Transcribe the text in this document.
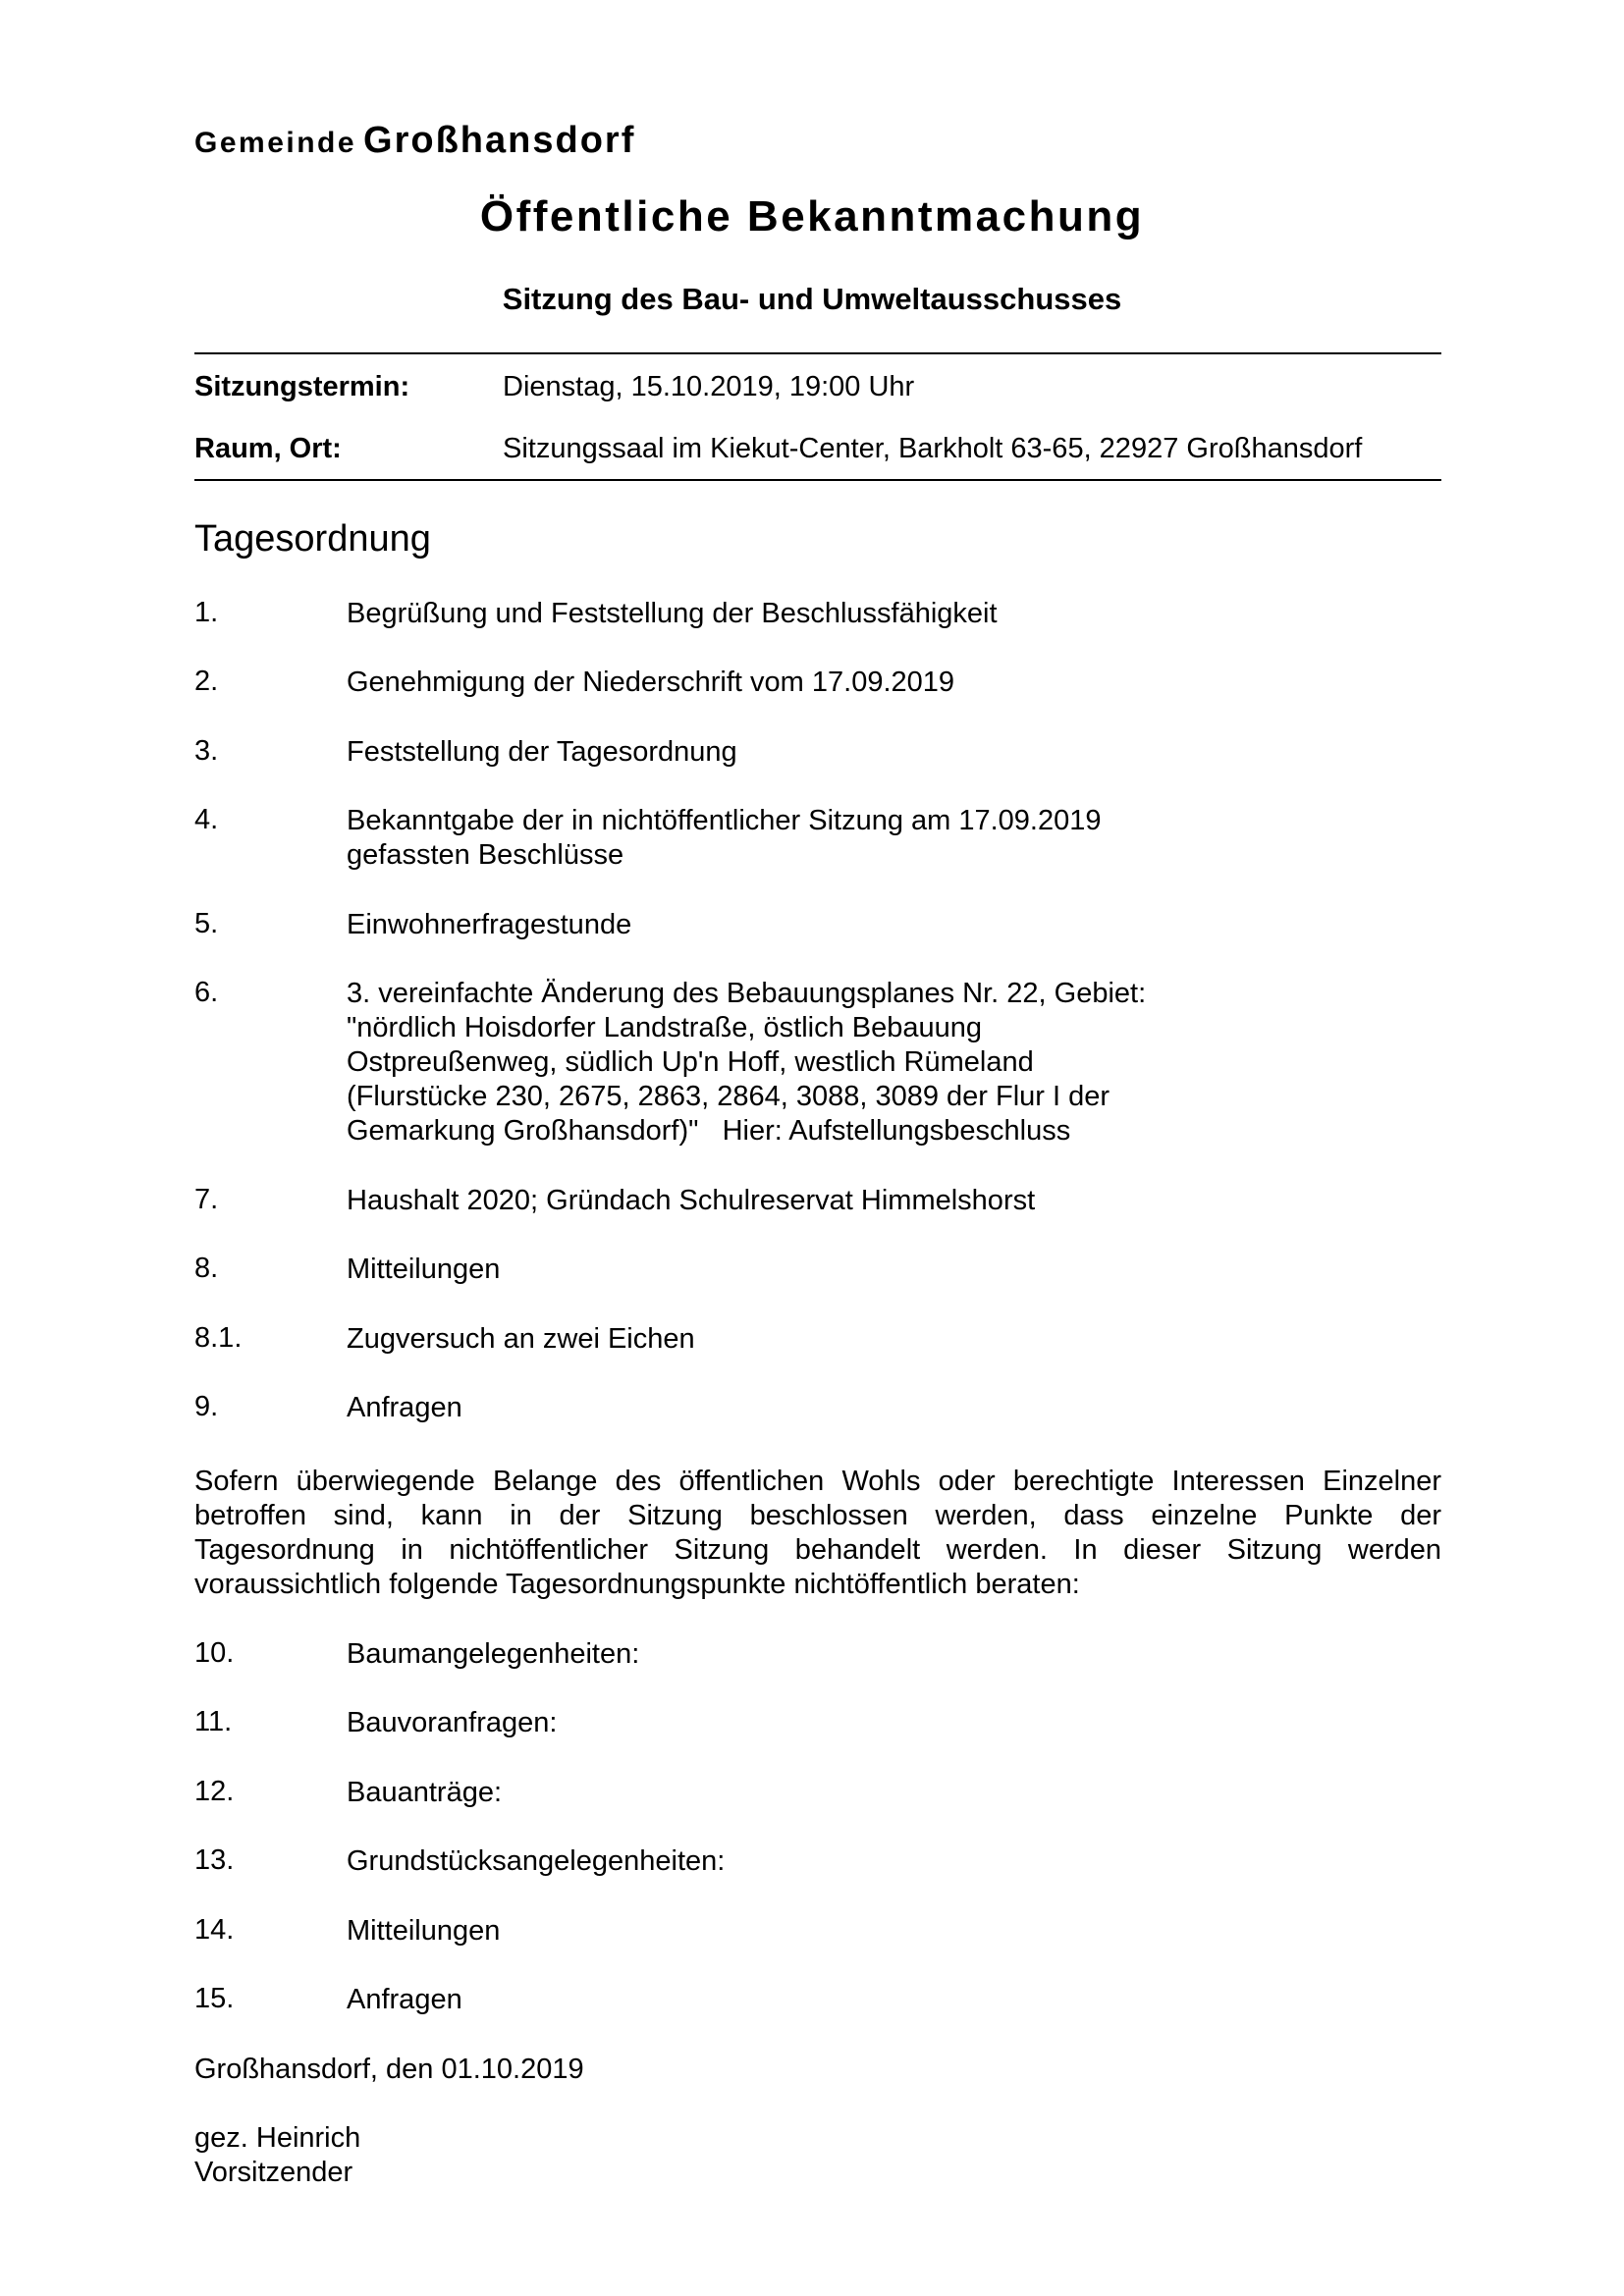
Gemeinde Großhansdorf
Öffentliche Bekanntmachung
Sitzung des Bau- und Umweltausschusses
Sitzungstermin:	Dienstag, 15.10.2019, 19:00 Uhr
Raum, Ort:	Sitzungssaal im Kiekut-Center, Barkholt 63-65, 22927 Großhansdorf
Tagesordnung
1.	Begrüßung und Feststellung der Beschlussfähigkeit
2.	Genehmigung der Niederschrift vom 17.09.2019
3.	Feststellung der Tagesordnung
4.	Bekanntgabe der in nichtöffentlicher Sitzung am 17.09.2019
gefassten Beschlüsse
5.	Einwohnerfragestunde
6.	3. vereinfachte Änderung des Bebauungsplanes Nr. 22, Gebiet:
"nördlich Hoisdorfer Landstraße, östlich Bebauung
Ostpreußenweg, südlich Up'n Hoff, westlich Rümeland
(Flurstücke 230, 2675, 2863, 2864, 3088, 3089 der Flur I der
Gemarkung Großhansdorf)"   Hier: Aufstellungsbeschluss
7.	Haushalt 2020; Gründach Schulreservat Himmelshorst
8.	Mitteilungen
8.1.	Zugversuch an zwei Eichen
9.	Anfragen
Sofern überwiegende Belange des öffentlichen Wohls oder berechtigte Interessen Einzelner
betroffen sind, kann in der Sitzung beschlossen werden, dass einzelne Punkte der
Tagesordnung in nichtöffentlicher Sitzung behandelt werden. In dieser Sitzung werden
voraussichtlich folgende Tagesordnungspunkte nichtöffentlich beraten:
10.	Baumangelegenheiten:
11.	Bauvoranfragen:
12.	Bauanträge:
13.	Grundstücksangelegenheiten:
14.	Mitteilungen
15.	Anfragen
Großhansdorf, den 01.10.2019
gez. Heinrich
Vorsitzender
